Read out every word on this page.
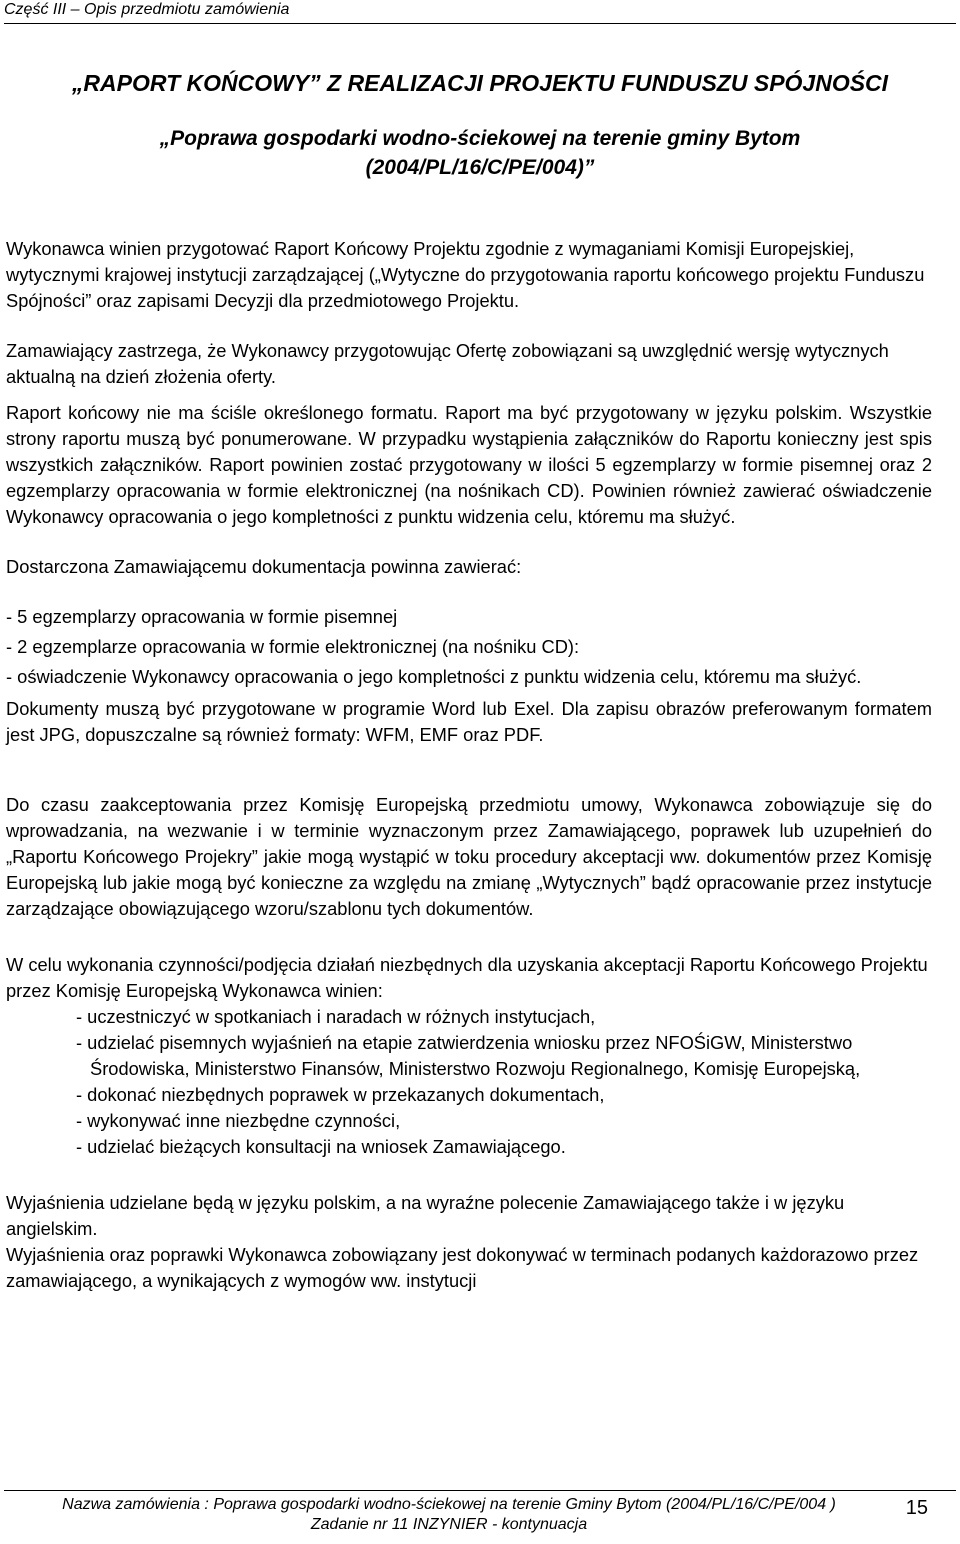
Część III – Opis przedmiotu zamówienia
„RAPORT KOŃCOWY” Z REALIZACJI PROJEKTU FUNDUSZU SPÓJNOŚCI
„Poprawa gospodarki wodno-ściekowej na terenie gminy Bytom
(2004/PL/16/C/PE/004)”

Wykonawca winien przygotować Raport Końcowy Projektu zgodnie z wymaganiami Komisji Europejskiej, wytycznymi krajowej instytucji zarządzającej („Wytyczne do przygotowania raportu końcowego projektu Funduszu Spójności” oraz zapisami Decyzji dla przedmiotowego Projektu.

Zamawiający zastrzega, że Wykonawcy przygotowując Ofertę zobowiązani są uwzględnić wersję wytycznych aktualną na dzień złożenia oferty.

Raport końcowy nie ma ściśle określonego formatu. Raport ma być przygotowany w języku polskim. Wszystkie strony raportu muszą być ponumerowane. W przypadku wystąpienia załączników do Raportu konieczny jest spis wszystkich załączników. Raport powinien zostać przygotowany w ilości 5 egzemplarzy w formie pisemnej oraz 2 egzemplarzy opracowania w formie elektronicznej (na nośnikach CD). Powinien również zawierać oświadczenie Wykonawcy opracowania o jego kompletności z punktu widzenia celu, któremu ma służyć.

Dostarczona Zamawiającemu dokumentacja powinna zawierać:

- 5 egzemplarzy opracowania w formie pisemnej
- 2 egzemplarze opracowania w formie elektronicznej (na nośniku CD):
- oświadczenie Wykonawcy opracowania o jego kompletności z punktu widzenia celu, któremu ma służyć.

Dokumenty muszą być przygotowane w programie Word lub Exel. Dla zapisu obrazów preferowanym formatem jest JPG, dopuszczalne są również formaty: WFM, EMF oraz PDF.

Do czasu zaakceptowania przez Komisję Europejską przedmiotu umowy, Wykonawca zobowiązuje się do wprowadzania, na wezwanie i w terminie wyznaczonym przez Zamawiającego, poprawek lub uzupełnień do „Raportu Końcowego Projekry” jakie mogą wystąpić w toku procedury akceptacji ww. dokumentów przez Komisję Europejską lub jakie mogą być konieczne za względu na zmianę „Wytycznych” bądź opracowanie przez instytucje zarządzające obowiązującego wzoru/szablonu tych dokumentów.

W celu wykonania czynności/podjęcia działań niezbędnych dla uzyskania akceptacji Raportu Końcowego Projektu przez Komisję Europejską Wykonawca winien:

- uczestniczyć w spotkaniach i naradach w różnych instytucjach,
- udzielać pisemnych wyjaśnień na etapie zatwierdzenia wniosku przez NFOŚiGW, Ministerstwo Środowiska, Ministerstwo Finansów, Ministerstwo Rozwoju Regionalnego, Komisję Europejską,
- dokonać niezbędnych poprawek w przekazanych dokumentach,
- wykonywać inne niezbędne czynności,
- udzielać bieżących konsultacji na wniosek Zamawiającego.

Wyjaśnienia udzielane będą w języku polskim, a na wyraźne polecenie Zamawiającego także i w języku angielskim.

Wyjaśnienia oraz poprawki Wykonawca zobowiązany jest dokonywać w terminach podanych każdorazowo przez zamawiającego, a wynikających z wymogów ww. instytucji

Nazwa zamówienia : Poprawa gospodarki wodno-ściekowej na terenie Gminy Bytom (2004/PL/16/C/PE/004 )
Zadanie nr 11 INZYNIER - kontynuacja
15
